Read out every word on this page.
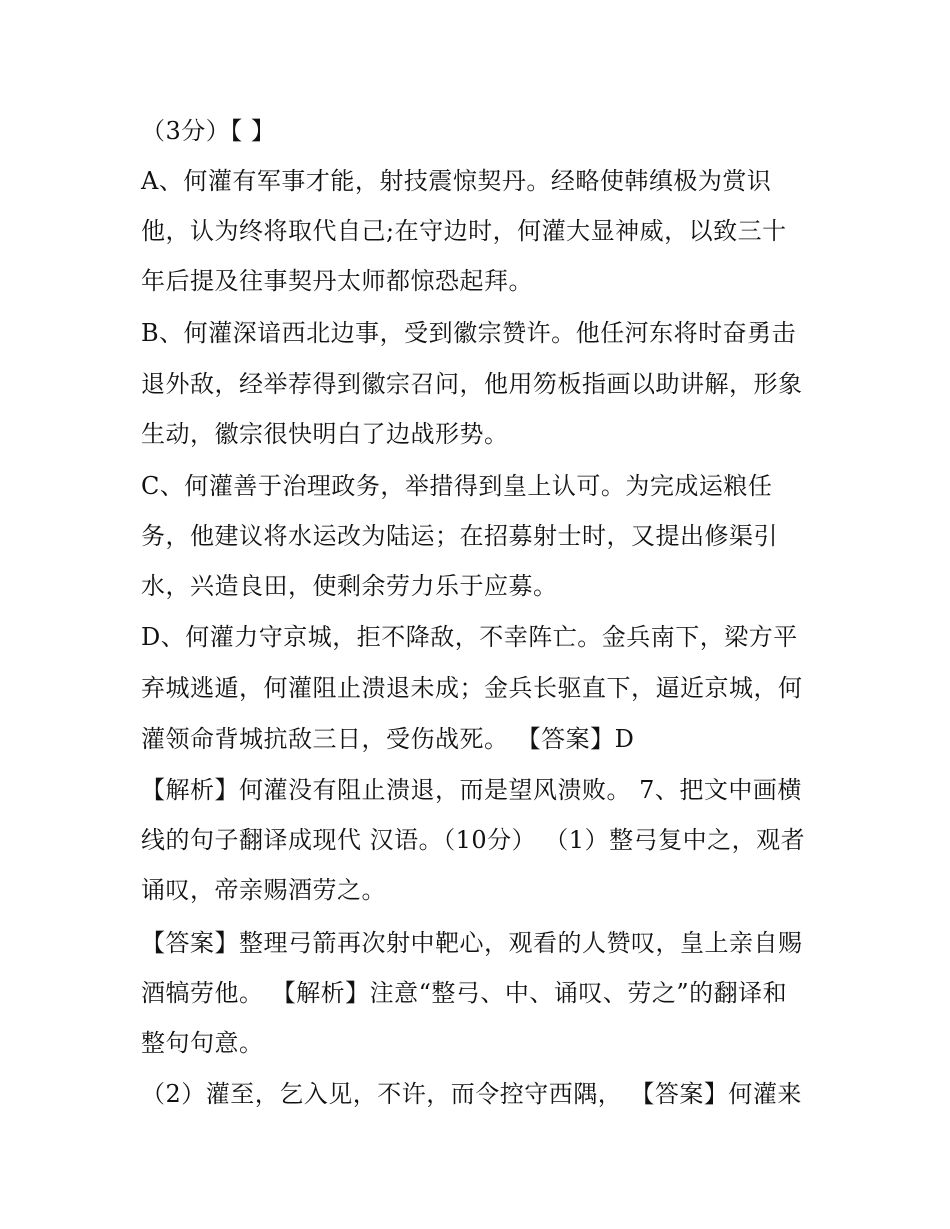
（3分）【 】
A、何灌有军事才能，射技震惊契丹。经略使韩缜极为赏识
他，认为终将取代自己;在守边时，何灌大显神威，以致三十
年后提及往事契丹太师都惊恐起拜。
B、何灌深谙西北边事，受到徽宗赞许。他任河东将时奋勇击
退外敌，经举荐得到徽宗召问，他用笏板指画以助讲解，形象
生动，徽宗很快明白了边战形势。
C、何灌善于治理政务，举措得到皇上认可。为完成运粮任
务，他建议将水运改为陆运；在招募射士时，又提出修渠引
水，兴造良田，使剩余劳力乐于应募。
D、何灌力守京城，拒不降敌，不幸阵亡。金兵南下，梁方平
弃城逃遁，何灌阻止溃退未成；金兵长驱直下，逼近京城，何
灌领命背城抗敌三日，受伤战死。 【答案】D
【解析】何灌没有阻止溃退，而是望风溃败。 7、把文中画横
线的句子翻译成现代 汉语。（10分） （1）整弓复中之，观者
诵叹，帝亲赐酒劳之。
【答案】整理弓箭再次射中靶心，观看的人赞叹，皇上亲自赐
酒犒劳他。 【解析】注意“整弓、中、诵叹、劳之”的翻译和
整句句意。
（2）灌至，乞入见，不许，而令控守西隅， 【答案】何灌来
